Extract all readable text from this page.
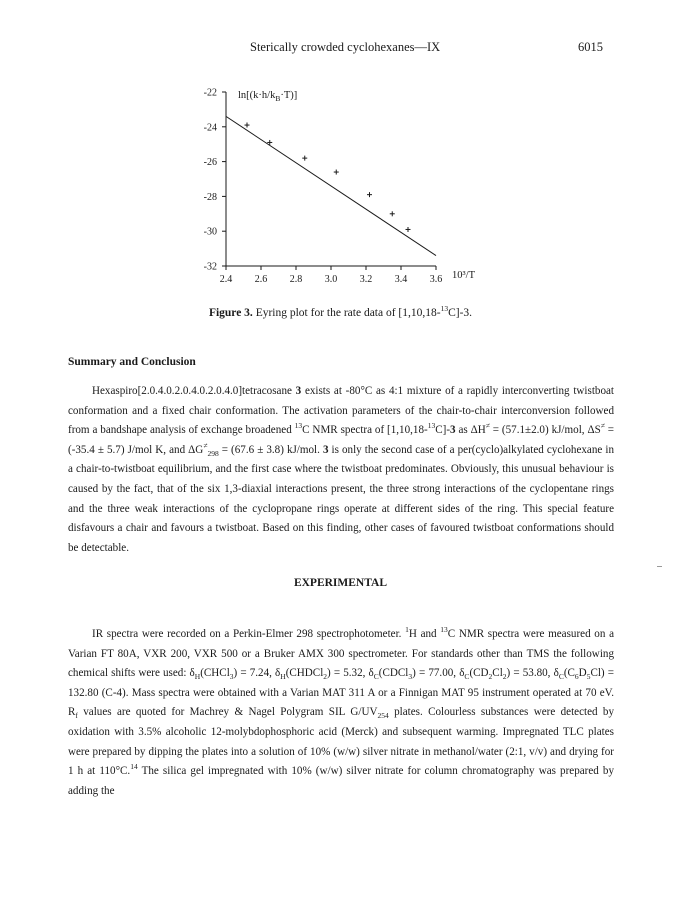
Sterically crowded cyclohexanes—IX	6015
-22
-24
-26
-28
-30
-32
2.4 2.6 2.8 3.0 3.2 3.4 3.6
$\ln[(k\cdot h/k_B\cdot T)]$
10³/T
Figure 3. Eyring plot for the rate data of [1,10,18-$^{13}$C]-3.
Summary and Conclusion

Hexaspiro[2.0.4.0.2.0.4.0.2.0.4.0]tetracosane 3 exists at -80°C as 4:1 mixture of a rapidly interconverting twistboat conformation and a fixed chair conformation. The activation parameters of the chair-to-chair interconversion followed from a bandshape analysis of exchange broadened $^{13}$C NMR spectra of [1,10,18-$^{13}$C]-3 as ΔH≠ = (57.1±2.0) kJ/mol, ΔS≠ = (-35.4 ± 5.7) J/mol K, and $\Delta G^\ne_{298} = (67.6 \pm 3.8)$ kJ/mol. 3 is only the second case of a per(cyclo)alkylated cyclohexane in a chair-to-twistboat equilibrium, and the first case where the twistboat predominates. Obviously, this unusual behaviour is caused by the fact, that of the six 1,3-diaxial interactions present, the three strong interactions of the cyclopentane rings and the three weak interactions of the cyclopropane rings operate at different sides of the ring. This special feature disfavours a chair and favours a twistboat. Based on this finding, other cases of favoured twistboat conformations should be detectable.

EXPERIMENTAL

IR spectra were recorded on a Perkin-Elmer 298 spectrophotometer. $^1$H and $^{13}$C NMR spectra were measured on a Varian FT 80A, VXR 200, VXR 500 or a Bruker AMX 300 spectrometer. For standards other than TMS the following chemical shifts were used: $\delta_H(CHCl_3) = 7.24$, $\delta_H(CHDCl_2) = 5.32$, $\delta_C(CDCl_3) = 77.00$, $\delta_C(CD_2Cl_2) = 53.80$, $\delta_C(C_6D_5Cl) = 132.80$ (C-4). Mass spectra were obtained with a Varian MAT 311 A or a Finnigan MAT 95 instrument operated at 70 eV. $R_f$ values are quoted for Machrey & Nagel Polygram SIL $G/UV_{254}$ plates. Colourless substances were detected by oxidation with 3.5% alcoholic 12-molybdophosphoric acid (Merck) and subsequent warming. Impregnated TLC plates were prepared by dipping the plates into a solution of 10% (w/w) silver nitrate in methanol/water (2:1, v/v) and drying for 1 h at 110°C.$^{14}$ The silica gel impregnated with 10% (w/w) silver nitrate for column chromatography was prepared by adding the
